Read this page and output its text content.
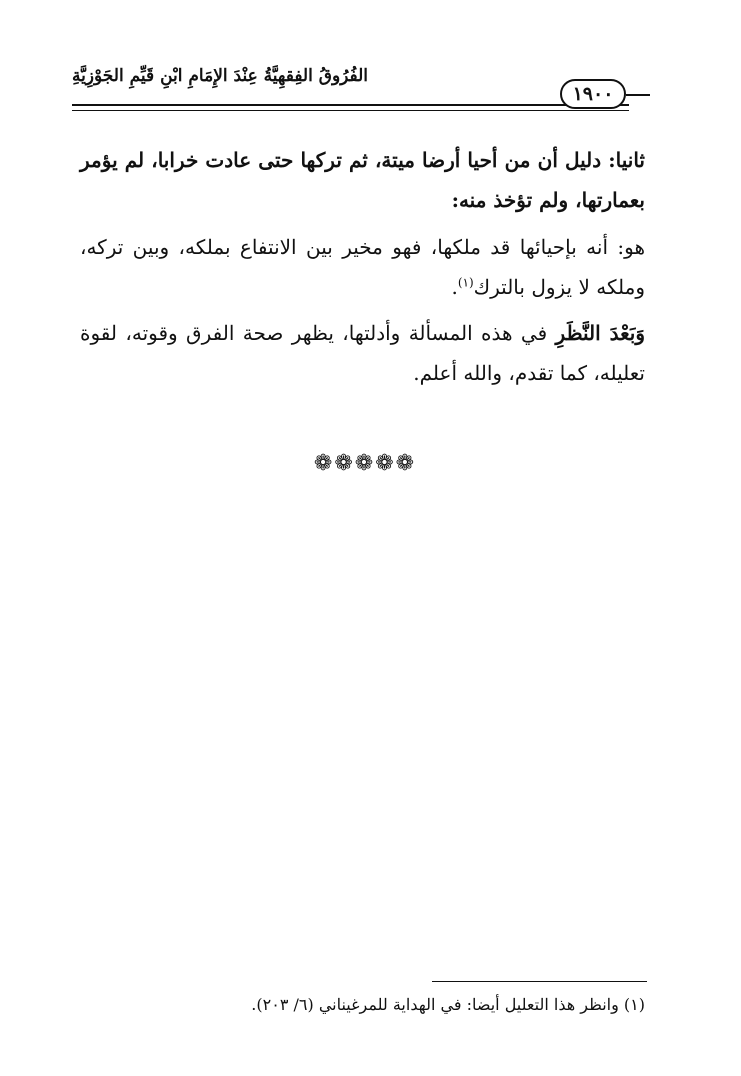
الفُرُوقُ الفِقهِيَّةُ عِنْدَ الإِمَامِ ابْنِ قَيِّمِ الجَوْزِيَّةِ
١٩٠٠
ثانيا: دليل أن من أحيا أرضا ميتة، ثم تركها حتى عادت خرابا، لم يؤمر بعمارتها، ولم تؤخذ منه:
هو: أنه بإحيائها قد ملكها، فهو مخير بين الانتفاع بملكه، وبين تركه، وملكه لا يزول بالترك$^{(١)}$.
وَبَعْدَ النَّظَرِ في هذه المسألة وأدلتها، يظهر صحة الفرق وقوته، لقوة تعليله، كما تقدم، والله أعلم.
❁❁❁❁❁
(١) وانظر هذا التعليل أيضا: في الهداية للمرغيناني (٦/ ٢٠٣).
